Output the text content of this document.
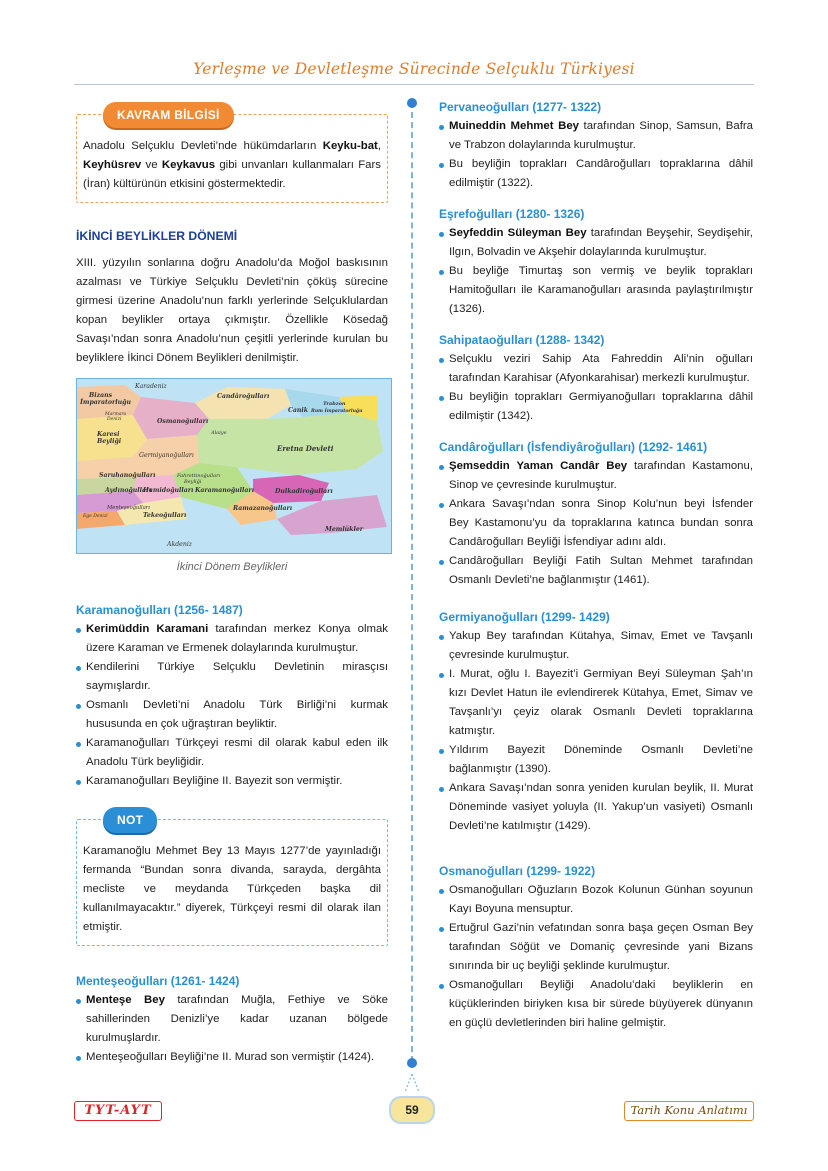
Yerleşme ve Devletleşme Sürecinde Selçuklu Türkiyesi
KAVRAM BİLGİSİ

Anadolu Selçuklu Devleti’nde hükümdarların Keyku-bat, Keyhüsrev ve Keykavus gibi unvanları kullanmaları Fars (İran) kültürünün etkisini göstermektedir.

İKİNCİ BEYLİKLER DÖNEMİ

XIII. yüzyılın sonlarına doğru Anadolu’da Moğol baskısının azalması ve Türkiye Selçuklu Devleti’nin çöküş sürecine girmesi üzerine Anadolu’nun farklı yerlerinde Selçuklulardan kopan beylikler ortaya çıkmıştır. Özellikle Kösedağ Savaşı’ndan sonra Anadolu’nun çeşitli yerlerinde kurulan bu beyliklere İkinci Dönem Beylikleri denilmiştir.

Karadeniz
Bizans
İmparatorluğu
Marmara
Denizi
Karesi
Beyliği
Candâroğulları
Osmanoğulları
Canik
Trabzon
Rum İmparatorluğu
Alaiye
Germiyanoğulları
Eretna Devleti
Saruhanoğulları	Fahrettinoğulları
Beyliği
Aydınoğulları
Hamidoğulları Karamanoğulları	Dulkadiroğulları
Menteşeoğulları
Ege Denizi	Tekeoğulları
Ramazanoğulları
Memlükler
Akdeniz
İkinci Dönem Beylikleri
Karamanoğulları (1256- 1487)
Kerimüddin Karamani tarafından merkez Konya olmak üzere Karaman ve Ermenek dolaylarında kurulmuştur.
Kendilerini Türkiye Selçuklu Devletinin mirasçısı saymışlardır.
Osmanlı Devleti’ni Anadolu Türk Birliği’ni kurmak hususunda en çok uğraştıran beyliktir.
Karamanoğulları Türkçeyi resmi dil olarak kabul eden ilk Anadolu Türk beyliğidir.
Karamanoğulları Beyliğine II. Bayezit son vermiştir.
NOT

Karamanoğlu Mehmet Bey 13 Mayıs 1277’de yayınladığı fermanda “Bundan sonra divanda, sarayda, dergâhta mecliste ve meydanda Türkçeden başka dil kullanılmayacaktır.” diyerek, Türkçeyi resmi dil olarak ilan etmiştir.

Menteşeoğulları (1261- 1424)
Menteşe Bey tarafından Muğla, Fethiye ve Söke sahillerinden Denizli’ye kadar uzanan bölgede kurulmuşlardır.
Menteşeoğulları Beyliği’ne II. Murad son vermiştir (1424).
Pervaneoğulları (1277- 1322)
Muineddin Mehmet Bey tarafından Sinop, Samsun, Bafra ve Trabzon dolaylarında kurulmuştur.
Bu beyliğin toprakları Candâroğulları topraklarına dâhil edilmiştir (1322).
Eşrefoğulları (1280- 1326)
Seyfeddin Süleyman Bey tarafından Beyşehir, Seydişehir, Ilgın, Bolvadin ve Akşehir dolaylarında kurulmuştur.
Bu beyliğe Timurtaş son vermiş ve beylik toprakları Hamitoğulları ile Karamanoğulları arasında paylaştırılmıştır (1326).
Sahipataoğulları (1288- 1342)
Selçuklu veziri Sahip Ata Fahreddin Ali’nin oğulları tarafından Karahisar (Afyonkarahisar) merkezli kurulmuştur.
Bu beyliğin toprakları Germiyanoğulları topraklarına dâhil edilmiştir (1342).
Candâroğulları (İsfendiyâroğulları) (1292- 1461)
Şemseddin Yaman Candâr Bey tarafından Kastamonu, Sinop ve çevresinde kurulmuştur.
Ankara Savaşı’ndan sonra Sinop Kolu’nun beyi İsfender Bey Kastamonu’yu da topraklarına katınca bundan sonra Candâroğulları Beyliği İsfendiyar adını aldı.
Candâroğulları Beyliği Fatih Sultan Mehmet tarafından Osmanlı Devleti’ne bağlanmıştır (1461).
Germiyanoğulları (1299- 1429)
Yakup Bey tarafından Kütahya, Simav, Emet ve Tavşanlı çevresinde kurulmuştur.
I. Murat, oğlu I. Bayezit’i Germiyan Beyi Süleyman Şah’ın kızı Devlet Hatun ile evlendirerek Kütahya, Emet, Simav ve Tavşanlı’yı çeyiz olarak Osmanlı Devleti topraklarına katmıştır.
Yıldırım Bayezit Döneminde Osmanlı Devleti’ne bağlanmıştır (1390).
Ankara Savaşı’ndan sonra yeniden kurulan beylik, II. Murat Döneminde vasiyet yoluyla (II. Yakup’un vasiyeti) Osmanlı Devleti’ne katılmıştır (1429).
Osmanoğulları (1299- 1922)
Osmanoğulları Oğuzların Bozok Kolunun Günhan soyunun Kayı Boyuna mensuptur.
Ertuğrul Gazi’nin vefatından sonra başa geçen Osman Bey tarafından Söğüt ve Domaniç çevresinde yani Bizans sınırında bir uç beyliği şeklinde kurulmuştur.
Osmanoğulları Beyliği Anadolu’daki beyliklerin en küçüklerinden biriyken kısa bir sürede büyüyerek dünyanın en güçlü devletlerinden biri haline gelmiştir.
TYT-AYT	59	Tarih Konu Anlatımı
